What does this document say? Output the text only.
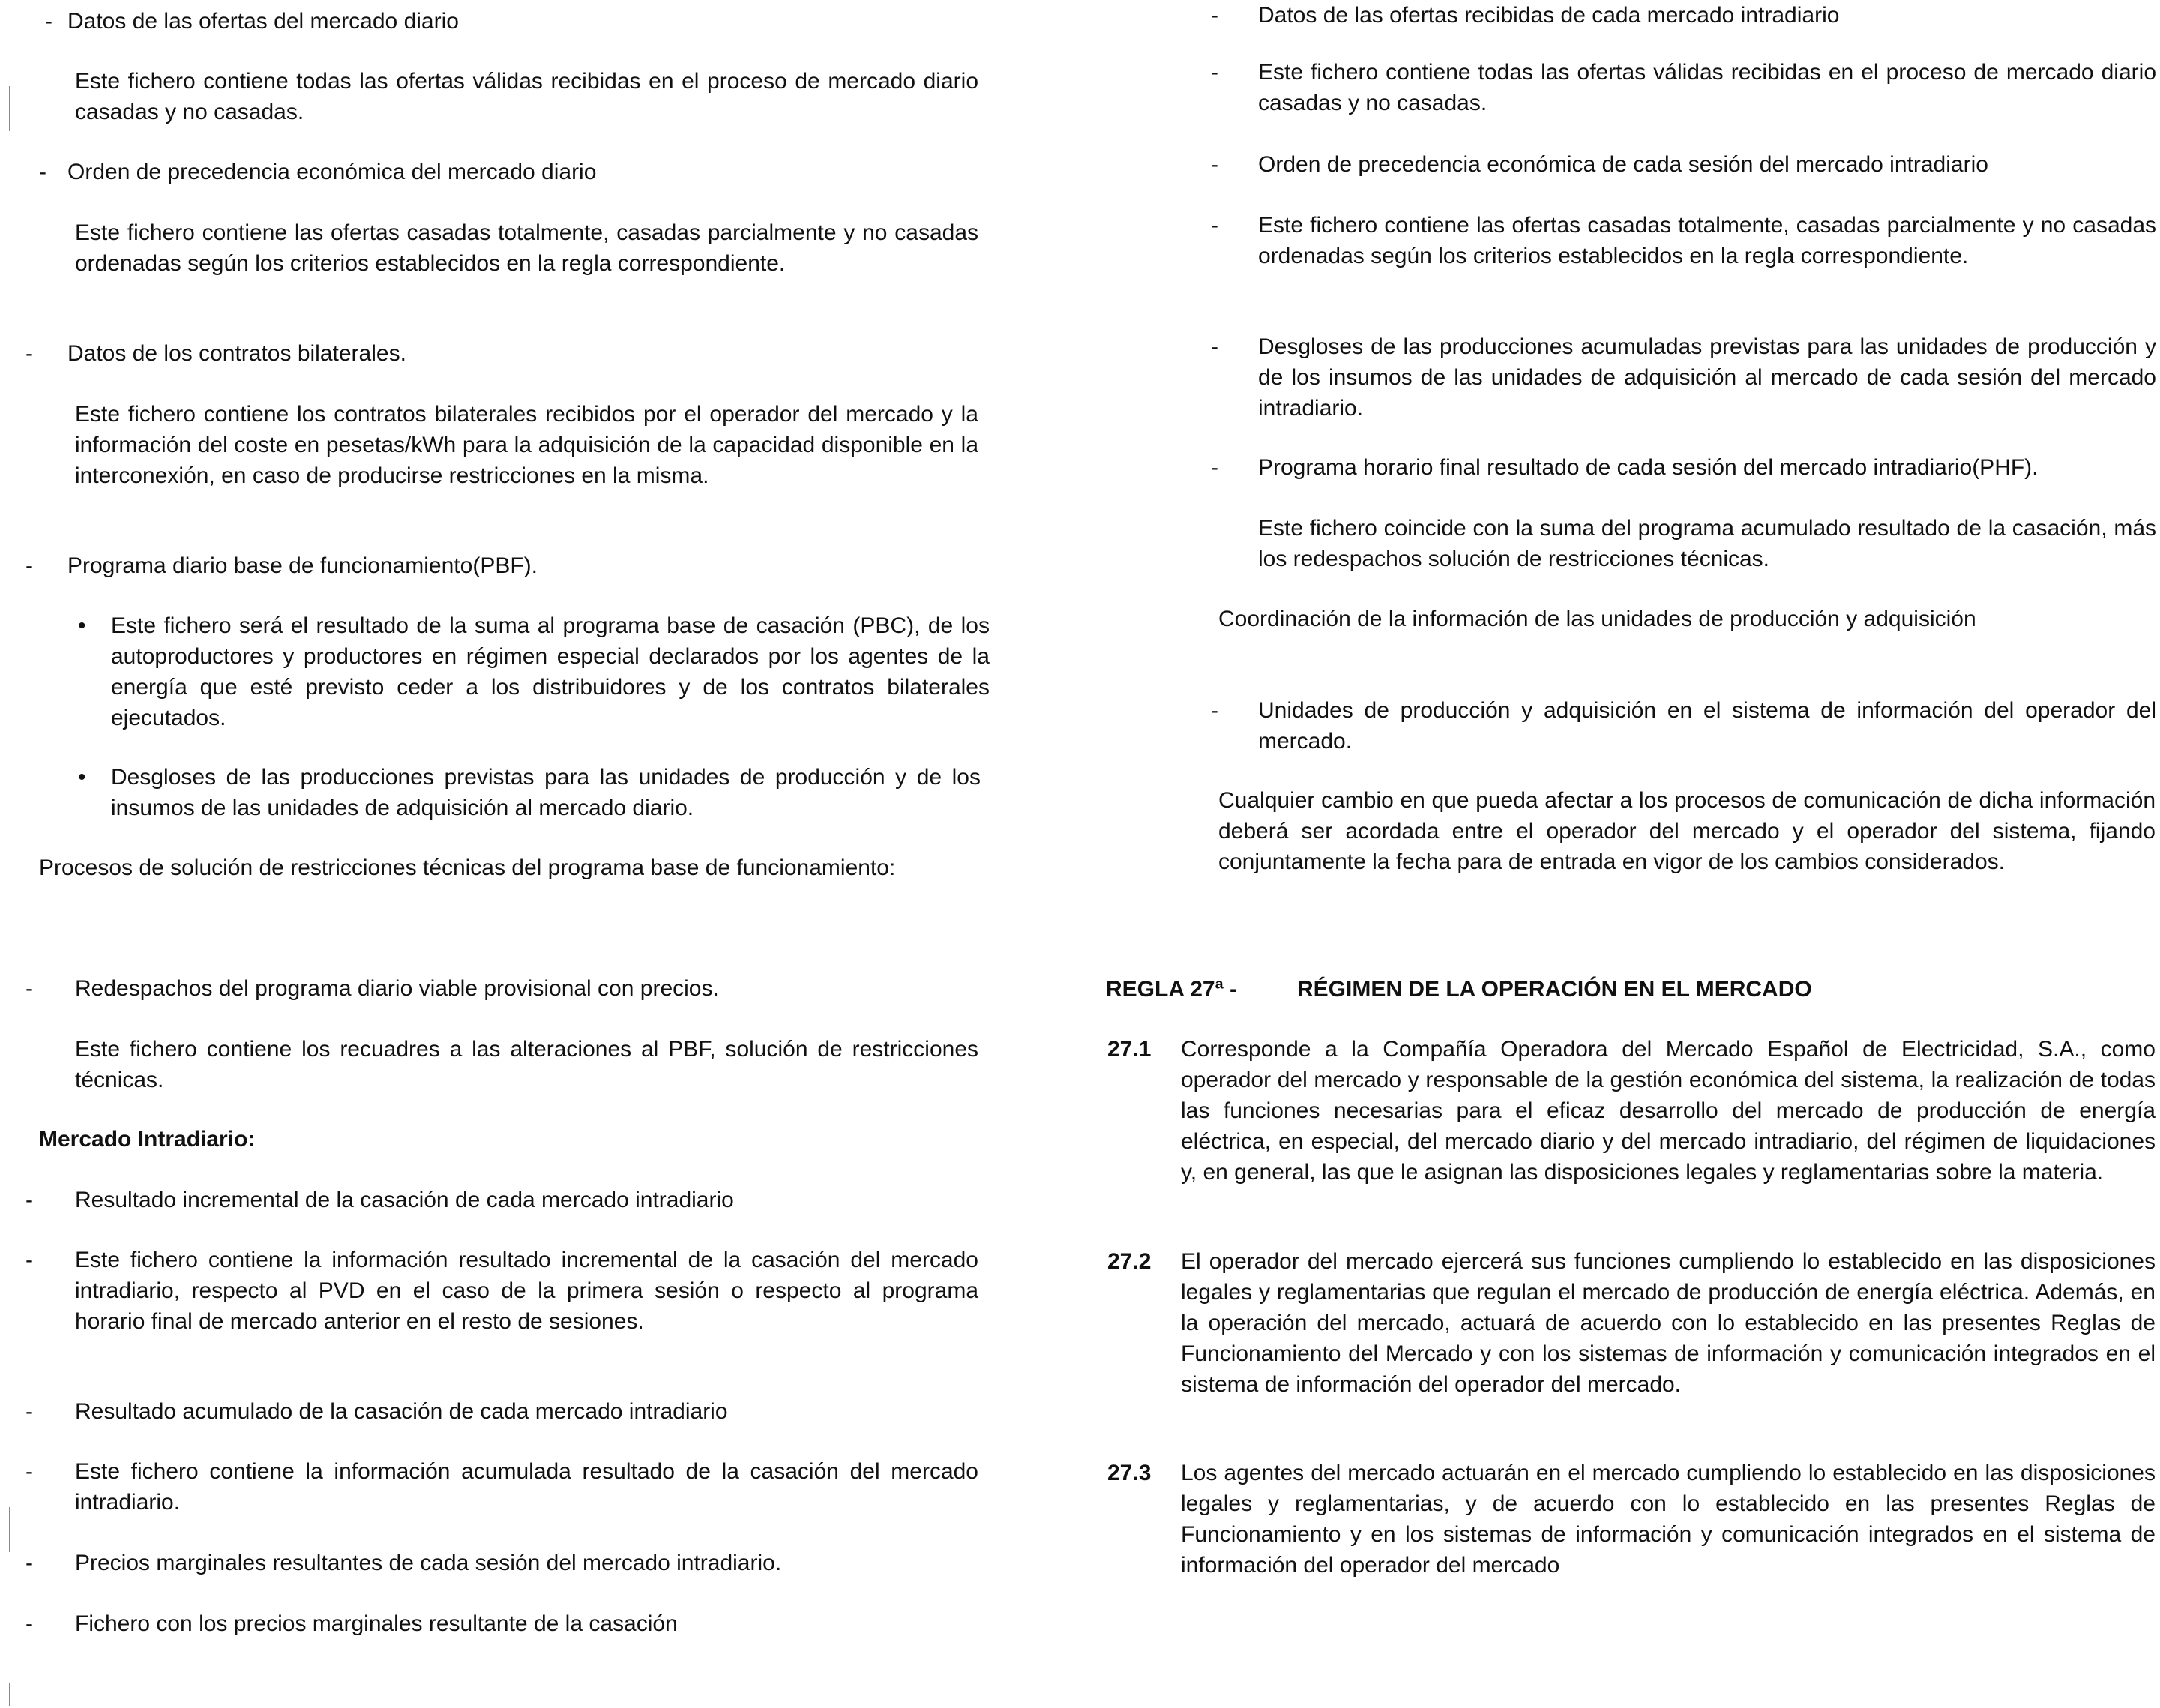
- Datos de las ofertas del mercado diario
Este fichero contiene todas las ofertas válidas recibidas en el proceso de mercado diario casadas y no casadas.
- Orden de precedencia económica del mercado diario
Este fichero contiene las ofertas casadas totalmente, casadas parcialmente y no casadas ordenadas según los criterios establecidos en la regla correspondiente.
-	Datos de los contratos bilaterales.
Este fichero contiene los contratos bilaterales recibidos por el operador del mercado y la información del coste en pesetas/kWh para la adquisición de la capacidad disponible en la interconexión, en caso de producirse restricciones en la misma.
-	Programa diario base de funcionamiento(PBF).
•	Este fichero será el resultado de la suma al programa base de casación (PBC), de los autoproductores y productores en régimen especial declarados por los agentes de la energía que esté previsto ceder a los distribuidores y de los contratos bilaterales ejecutados.
•	Desgloses de las producciones previstas para las unidades de producción y de los insumos de las unidades de adquisición al mercado diario.
Procesos de solución de restricciones técnicas del programa base de funcionamiento:
-	Redespachos del programa diario viable provisional con precios.
Este fichero contiene los recuadres a las alteraciones al PBF, solución de restricciones técnicas.
Mercado Intradiario:
-	Resultado incremental de la casación de cada mercado intradiario
-	Este fichero contiene la información resultado incremental de la casación del mercado intradiario, respecto al PVD en el caso de la primera sesión o respecto al programa horario final de mercado anterior en el resto de sesiones.
-	Resultado acumulado de la casación de cada mercado intradiario
-	Este fichero contiene la información acumulada resultado de la casación del mercado intradiario.
-	Precios marginales resultantes de cada sesión del mercado intradiario.
-	Fichero con los precios marginales resultante de la casación
-	Datos de las ofertas recibidas de cada mercado intradiario
-	Este fichero contiene todas las ofertas válidas recibidas en el proceso de mercado diario casadas y no casadas.
-	Orden de precedencia económica de cada sesión del mercado intradiario
-	Este fichero contiene las ofertas casadas totalmente, casadas parcialmente y no casadas ordenadas según los criterios establecidos en la regla correspondiente.
-	Desgloses de las producciones acumuladas previstas para las unidades de producción y de los insumos de las unidades de adquisición al mercado de cada sesión del mercado intradiario.
-	Programa horario final resultado de cada sesión del mercado intradiario(PHF).
Este fichero coincide con la suma del programa acumulado resultado de la casación, más los redespachos solución de restricciones técnicas.
Coordinación de la información de las unidades de producción y adquisición
-	Unidades de producción y adquisición en el sistema de información del operador del mercado.
Cualquier cambio en que pueda afectar a los procesos de comunicación de dicha información deberá ser acordada entre el operador del mercado y el operador del sistema, fijando conjuntamente la fecha para de entrada en vigor de los cambios considerados.
REGLA 27ª -	RÉGIMEN DE LA OPERACIÓN EN EL MERCADO
27.1 Corresponde a la Compañía Operadora del Mercado Español de Electricidad, S.A., como operador del mercado y responsable de la gestión económica del sistema, la realización de todas las funciones necesarias para el eficaz desarrollo del mercado de producción de energía eléctrica, en especial, del mercado diario y del mercado intradiario, del régimen de liquidaciones y, en general, las que le asignan las disposiciones legales y reglamentarias sobre la materia.
27.2 El operador del mercado ejercerá sus funciones cumpliendo lo establecido en las disposiciones legales y reglamentarias que regulan el mercado de producción de energía eléctrica. Además, en la operación del mercado, actuará de acuerdo con lo establecido en las presentes Reglas de Funcionamiento del Mercado y con los sistemas de información y comunicación integrados en el sistema de información del operador del mercado.
27.3 Los agentes del mercado actuarán en el mercado cumpliendo lo establecido en las disposiciones legales y reglamentarias, y de acuerdo con lo establecido en las presentes Reglas de Funcionamiento y en los sistemas de información y comunicación integrados en el sistema de información del operador del mercado
